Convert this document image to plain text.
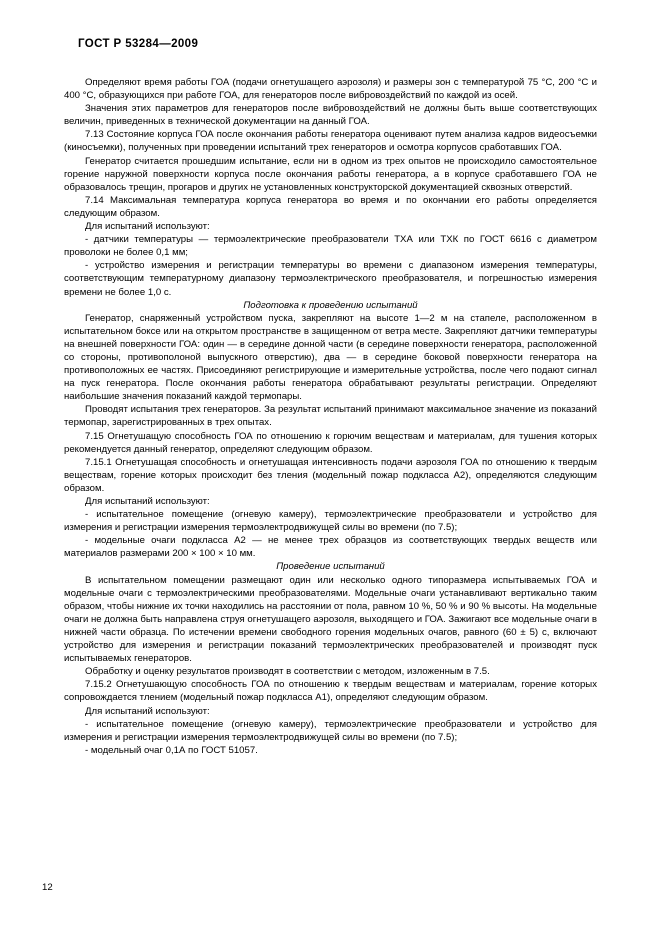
ГОСТ Р 53284—2009

Определяют время работы ГОА (подачи огнетушащего аэрозоля) и размеры зон с температурой 75 °С, 200 °С и 400 °С, образующихся при работе ГОА, для генераторов после вибровоздействий по каждой из осей.

Значения этих параметров для генераторов после вибровоздействий не должны быть выше соответствующих величин, приведенных в технической документации на данный ГОА.

7.13 Состояние корпуса ГОА после окончания работы генератора оценивают путем анализа кадров видеосъемки (киносъемки), полученных при проведении испытаний трех генераторов и осмотра корпусов сработавших ГОА.

Генератор считается прошедшим испытание, если ни в одном из трех опытов не происходило самостоятельное горение наружной поверхности корпуса после окончания работы генератора, а в корпусе сработавшего ГОА не образовалось трещин, прогаров и других не установленных конструкторской документацией сквозных отверстий.

7.14 Максимальная температура корпуса генератора во время и по окончании его работы определяется следующим образом.

Для испытаний используют:

- датчики температуры — термоэлектрические преобразователи ТХА или ТХК по ГОСТ 6616 с диаметром проволоки не более 0,1 мм;

- устройство измерения и регистрации температуры во времени с диапазоном измерения температуры, соответствующим температурному диапазону термоэлектрического преобразователя, и погрешностью измерения времени не более 1,0 с.

Подготовка к проведению испытаний

Генератор, снаряженный устройством пуска, закрепляют на высоте 1—2 м на стапеле, расположенном в испытательном боксе или на открытом пространстве в защищенном от ветра месте. Закрепляют датчики температуры на внешней поверхности ГОА: один — в середине донной части (в середине поверхности генератора, расположенной со стороны, противополоной выпускного отверстию), два — в середине боковой поверхности генератора на противоположных ее частях. Присоединяют регистрирующие и измерительные устройства, после чего подают сигнал на пуск генератора. После окончания работы генератора обрабатывают результаты регистрации. Определяют наибольшие значения показаний каждой термопары.

Проводят испытания трех генераторов. За результат испытаний принимают максимальное значение из показаний термопар, зарегистрированных в трех опытах.

7.15 Огнетушащую способность ГОА по отношению к горючим веществам и материалам, для тушения которых рекомендуется данный генератор, определяют следующим образом.

7.15.1 Огнетушащая способность и огнетушащая интенсивность подачи аэрозоля ГОА по отношению к твердым веществам, горение которых происходит без тления (модельный пожар подкласса А2), определяются следующим образом.

Для испытаний используют:

- испытательное помещение (огневую камеру), термоэлектрические преобразователи и устройство для измерения и регистрации измерения термоэлектродвижущей силы во времени (по 7.5);

- модельные очаги подкласса А2 — не менее трех образцов из соответствующих твердых веществ или материалов размерами 200 × 100 × 10 мм.

Проведение испытаний

В испытательном помещении размещают один или несколько одного типоразмера испытываемых ГОА и модельные очаги с термоэлектрическими преобразователями. Модельные очаги устанавливают вертикально таким образом, чтобы нижние их точки находились на расстоянии от пола, равном 10 %, 50 % и 90 % высоты. На модельные очаги не должна быть направлена струя огнетушащего аэрозоля, выходящего и ГОА. Зажигают все модельные очаги в нижней части образца. По истечении времени свободного горения модельных очагов, равного (60 ± 5) с, включают устройство для измерения и регистрации показаний термоэлектрических преобразователей и производят пуск испытываемых генераторов.

Обработку и оценку результатов производят в соответствии с методом, изложенным в 7.5.

7.15.2 Огнетушающую способность ГОА по отношению к твердым веществам и материалам, горение которых сопровождается тлением (модельный пожар подкласса А1), определяют следующим образом.

Для испытаний используют:

- испытательное помещение (огневую камеру), термоэлектрические преобразователи и устройство для измерения и регистрации измерения термоэлектродвижущей силы во времени (по 7.5);

- модельный очаг 0,1А по ГОСТ 51057.

12
